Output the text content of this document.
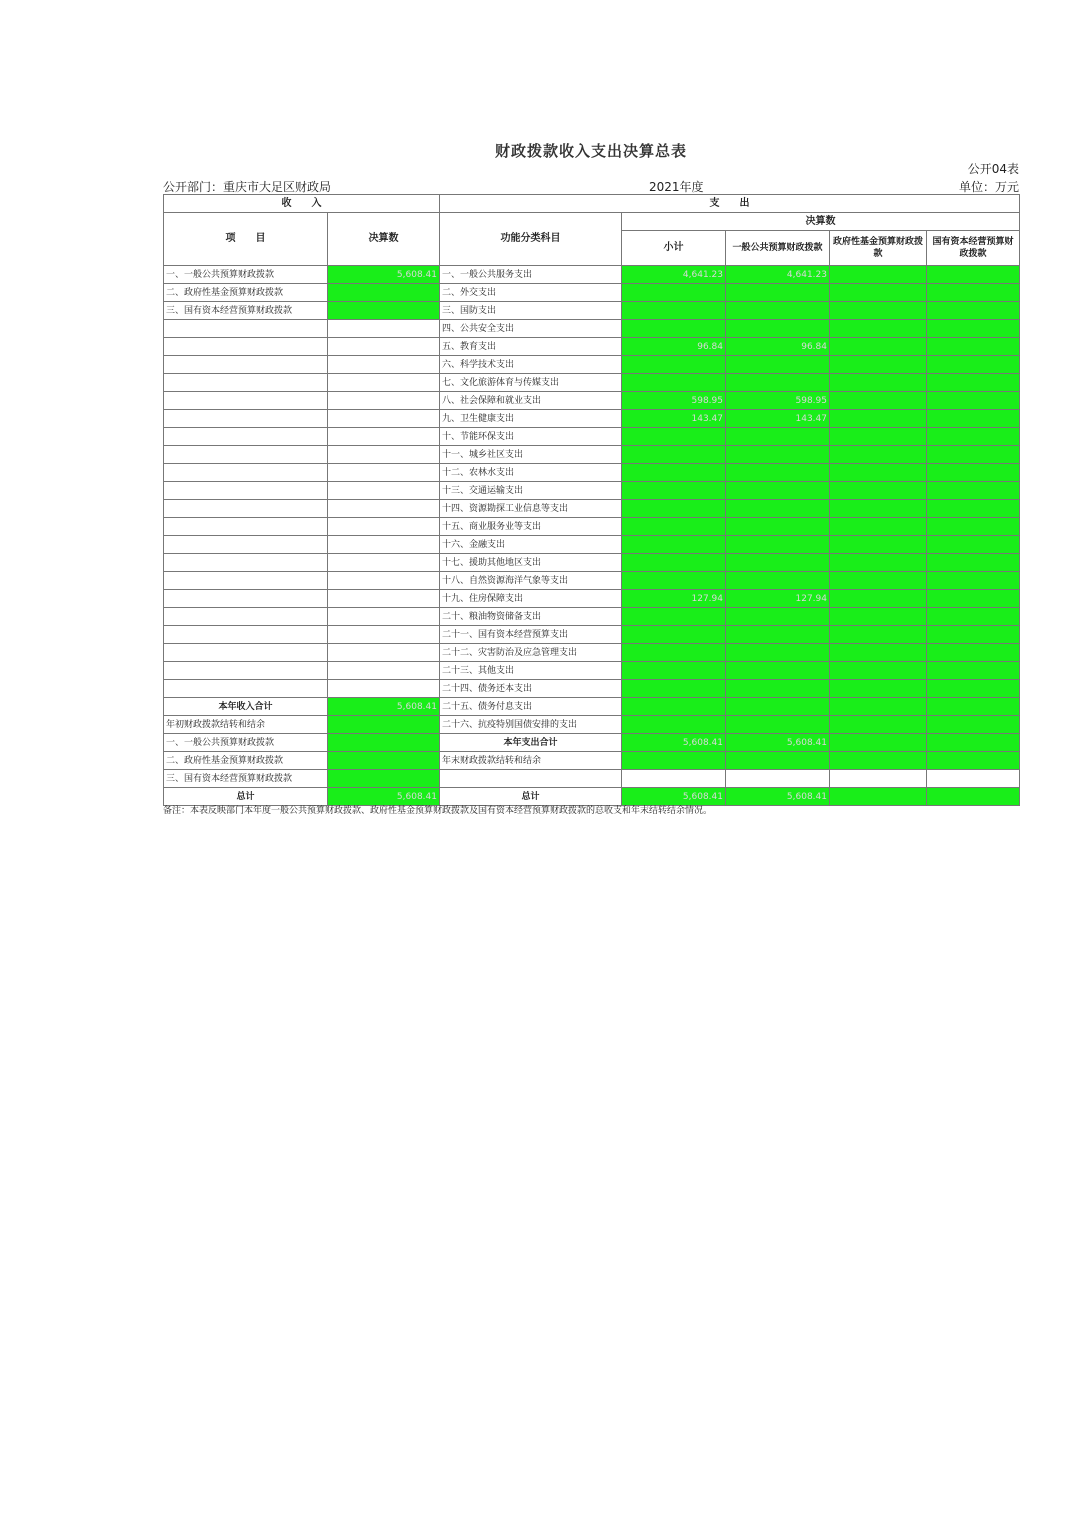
财政拨款收入支出决算总表
公开04表
公开部门：重庆市大足区财政局	2021年度	单位：万元
收　　入		支　　出				
项　　目	决算数	功能分类科目	决算数			
			小计	一般公共预算财政拨款	政府性基金预算财政拨款	国有资本经营预算财政拨款

一、一般公共预算财政拨款	5,608.41	一、一般公共服务支出	4,641.23	4,641.23		
二、政府性基金预算财政拨款		二、外交支出				
三、国有资本经营预算财政拨款		三、国防支出				
		四、公共安全支出				
		五、教育支出	96.84	96.84		
		六、科学技术支出				
		七、文化旅游体育与传媒支出				
		八、社会保障和就业支出	598.95	598.95		
		九、卫生健康支出	143.47	143.47		
		十、节能环保支出				
		十一、城乡社区支出				
		十二、农林水支出				
		十三、交通运输支出				
		十四、资源勘探工业信息等支出				
		十五、商业服务业等支出				
		十六、金融支出				
		十七、援助其他地区支出				
		十八、自然资源海洋气象等支出				
		十九、住房保障支出	127.94	127.94		
		二十、粮油物资储备支出				
		二十一、国有资本经营预算支出				
		二十二、灾害防治及应急管理支出				
		二十三、其他支出				
		二十四、债务还本支出				
本年收入合计	5,608.41	二十五、债务付息支出				
年初财政拨款结转和结余		二十六、抗疫特别国债安排的支出				
一、一般公共预算财政拨款		本年支出合计	5,608.41	5,608.41		
二、政府性基金预算财政拨款		年末财政拨款结转和结余				
三、国有资本经营预算财政拨款						
总计	5,608.41	总计	5,608.41	5,608.41		
备注：本表反映部门本年度一般公共预算财政拨款、政府性基金预算财政拨款及国有资本经营预算财政拨款的总收支和年末结转结余情况。
